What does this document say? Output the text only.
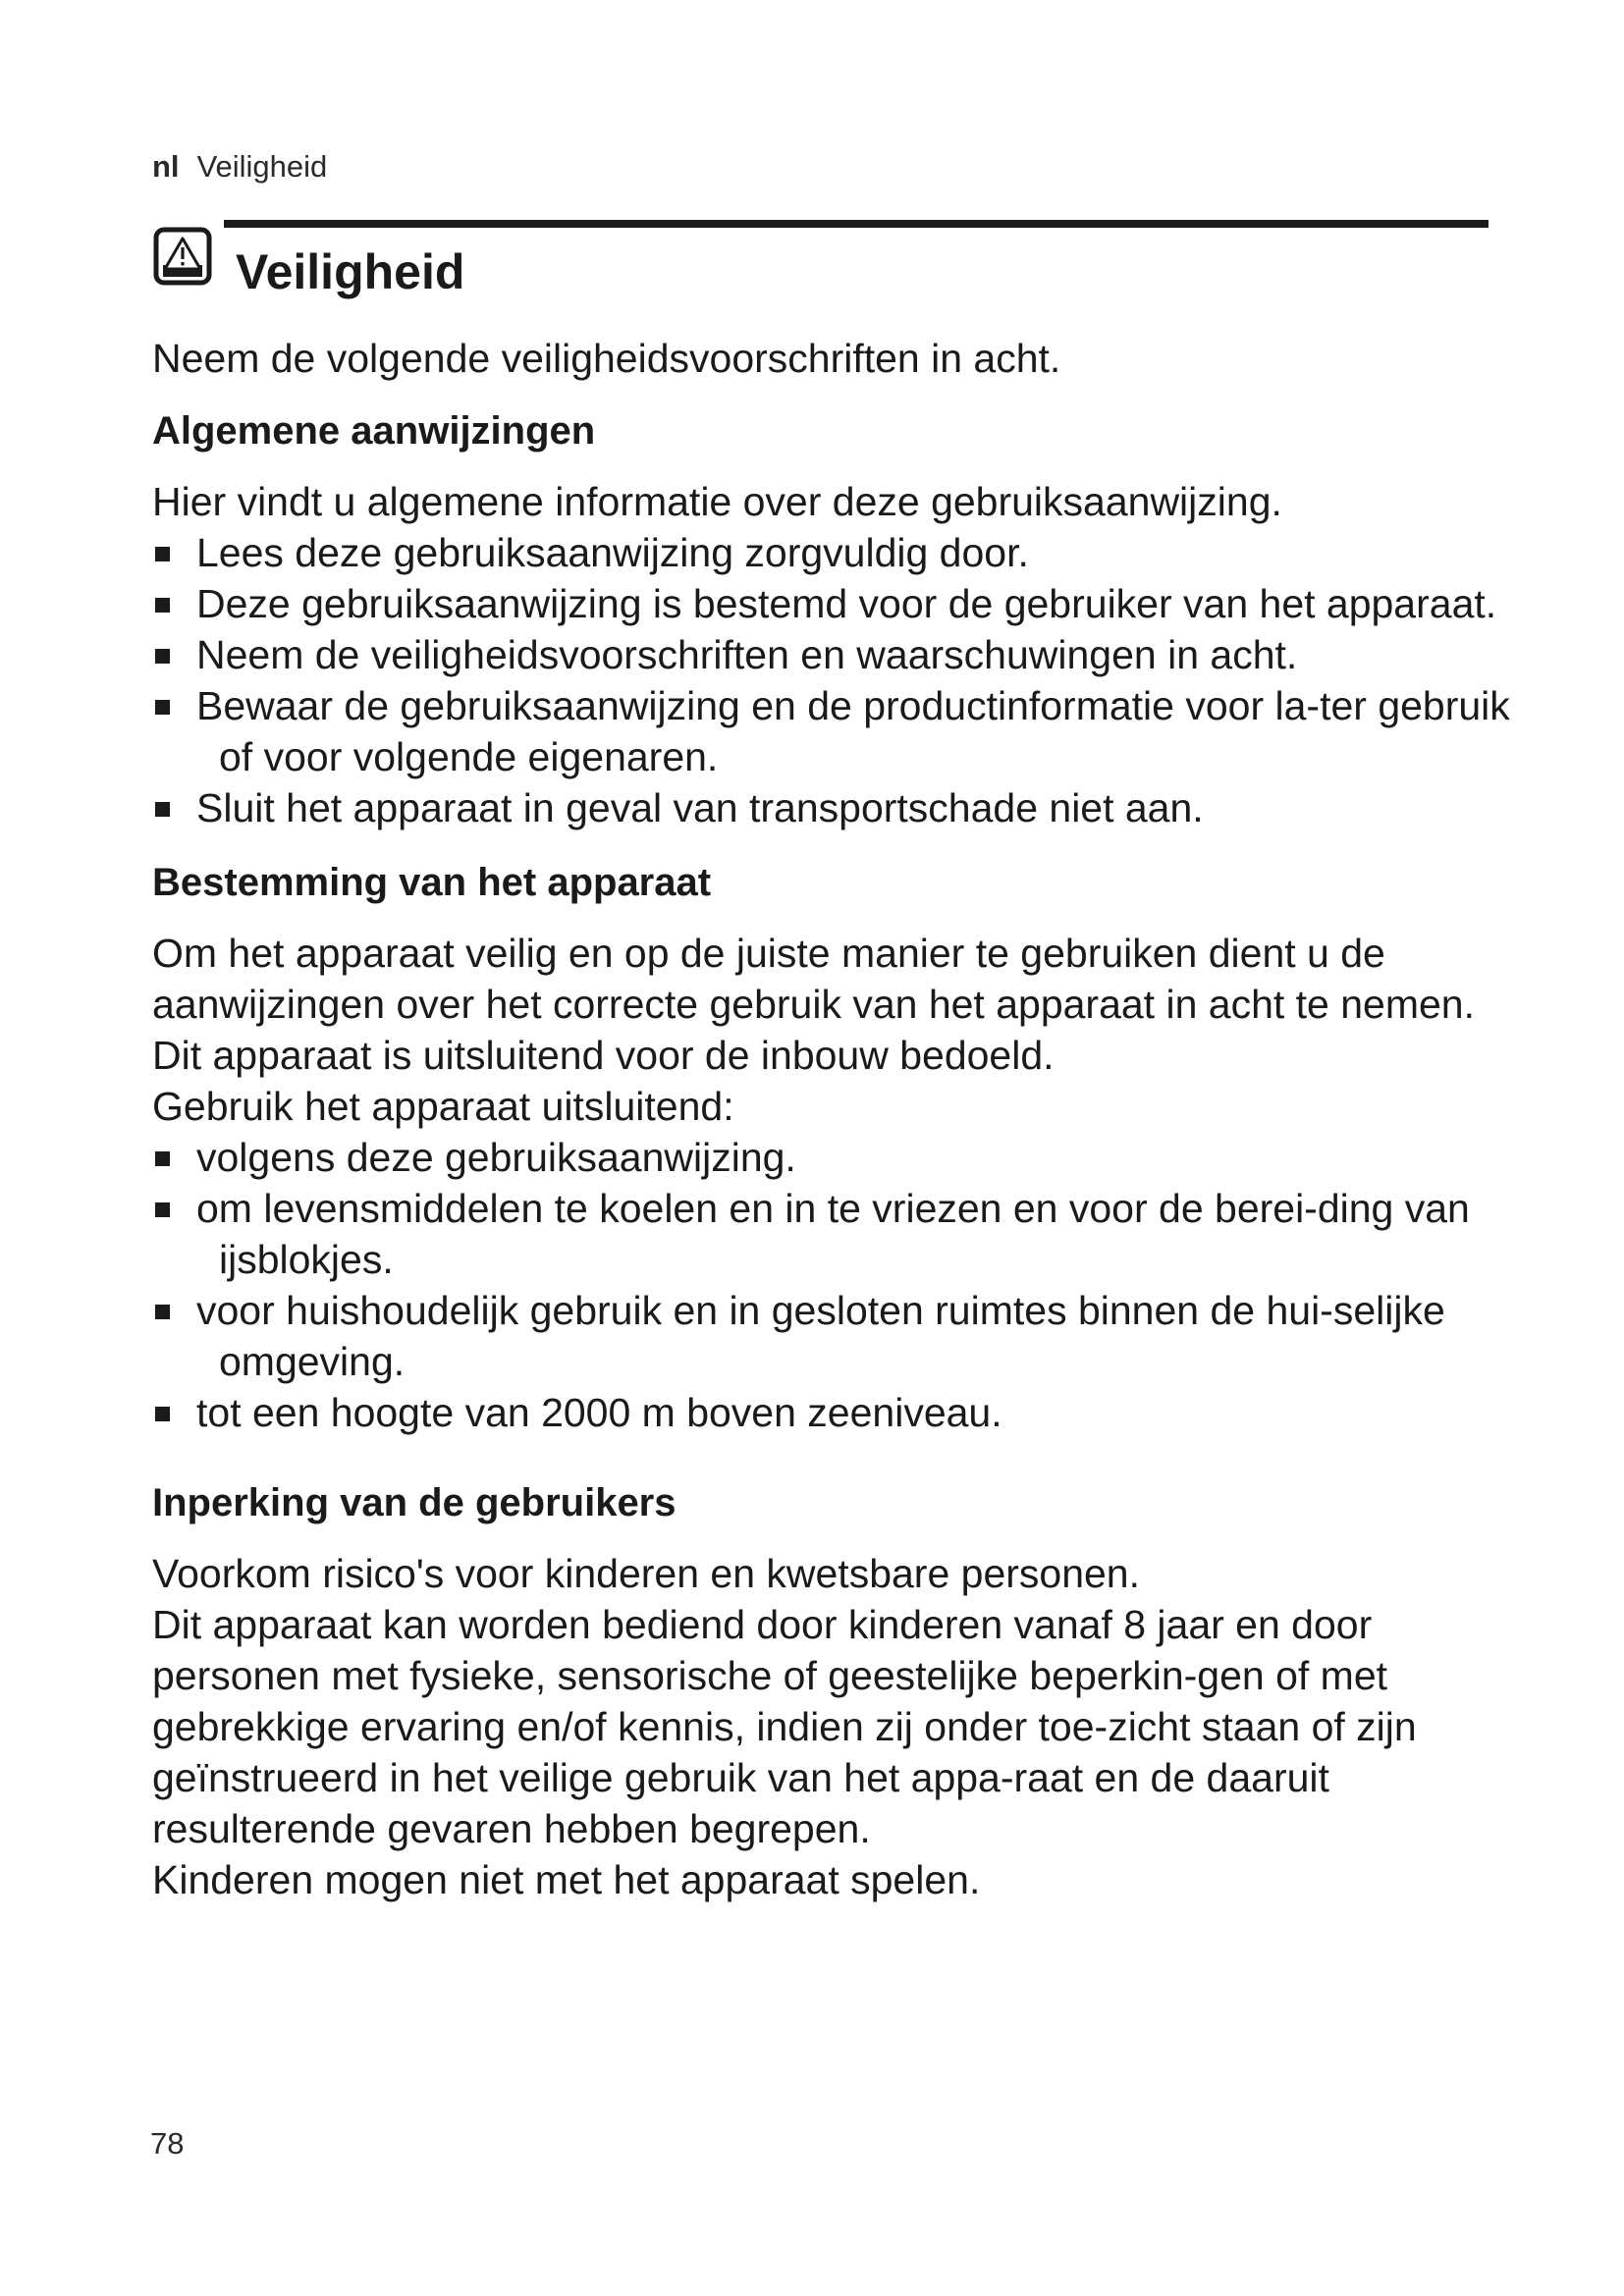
nl Veiligheid
Veiligheid

Neem de volgende veiligheidsvoorschriften in acht.

Algemene aanwijzingen

Hier vindt u algemene informatie over deze gebruiksaanwijzing.

Lees deze gebruiksaanwijzing zorgvuldig door.
Deze gebruiksaanwijzing is bestemd voor de gebruiker van het apparaat.
Neem de veiligheidsvoorschriften en waarschuwingen in acht.
Bewaar de gebruiksaanwijzing en de productinformatie voor la-ter gebruik of voor volgende eigenaren.
Sluit het apparaat in geval van transportschade niet aan.
Bestemming van het apparaat

Om het apparaat veilig en op de juiste manier te gebruiken dient u de aanwijzingen over het correcte gebruik van het apparaat in acht te nemen.

Dit apparaat is uitsluitend voor de inbouw bedoeld.

Gebruik het apparaat uitsluitend:

volgens deze gebruiksaanwijzing.
om levensmiddelen te koelen en in te vriezen en voor de berei-ding van ijsblokjes.
voor huishoudelijk gebruik en in gesloten ruimtes binnen de hui-selijke omgeving.
tot een hoogte van 2000 m boven zeeniveau.
Inperking van de gebruikers

Voorkom risico's voor kinderen en kwetsbare personen.

Dit apparaat kan worden bediend door kinderen vanaf 8 jaar en door personen met fysieke, sensorische of geestelijke beperkin-gen of met gebrekkige ervaring en/of kennis, indien zij onder toe-zicht staan of zijn geïnstrueerd in het veilige gebruik van het appa-raat en de daaruit resulterende gevaren hebben begrepen.

Kinderen mogen niet met het apparaat spelen.

78
